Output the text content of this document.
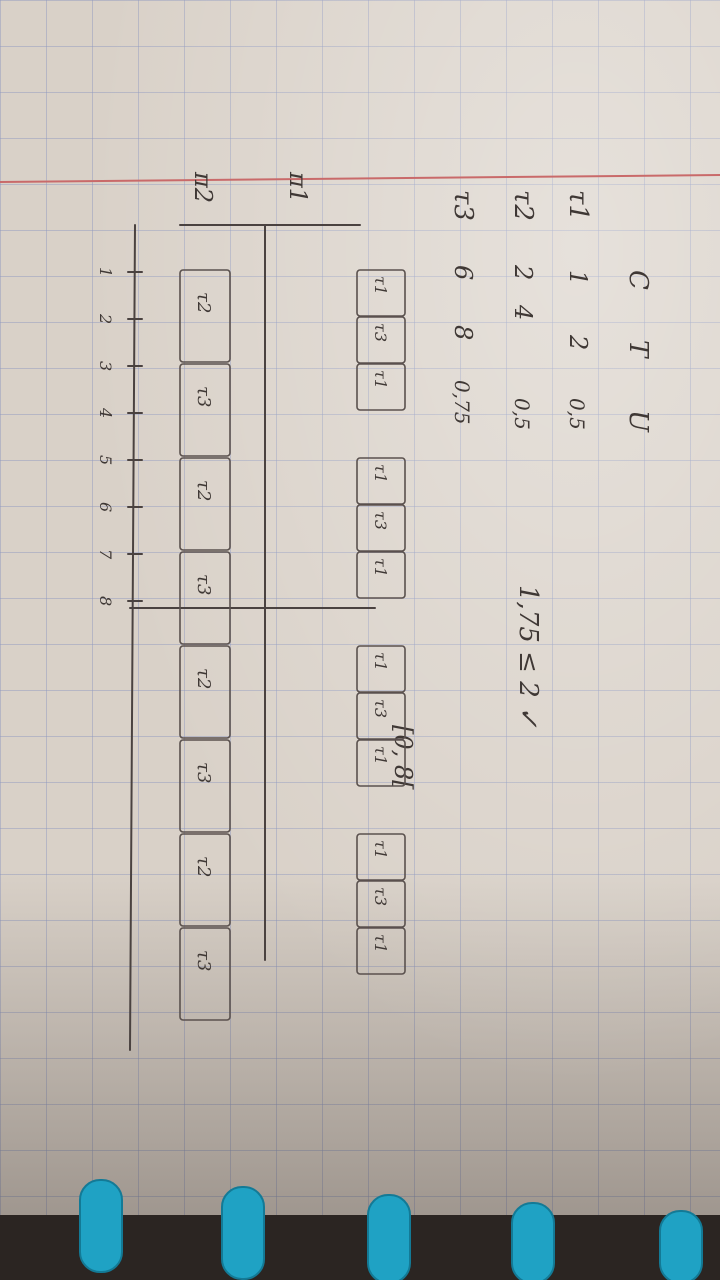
C
T
U
τ1
1
2
0,5
τ2
2
4
0,5
τ3
6
8
0,75
1,75 ≤ 2 ✓
[0, 8[
π1
π2
τ1
τ3
τ1
τ1
τ3
τ1
τ1
τ3
τ1
τ1
τ3
τ1
τ2
τ3
τ2
τ3
τ2
τ3
τ2
τ3
1
2
3
4
5
6
7
8
